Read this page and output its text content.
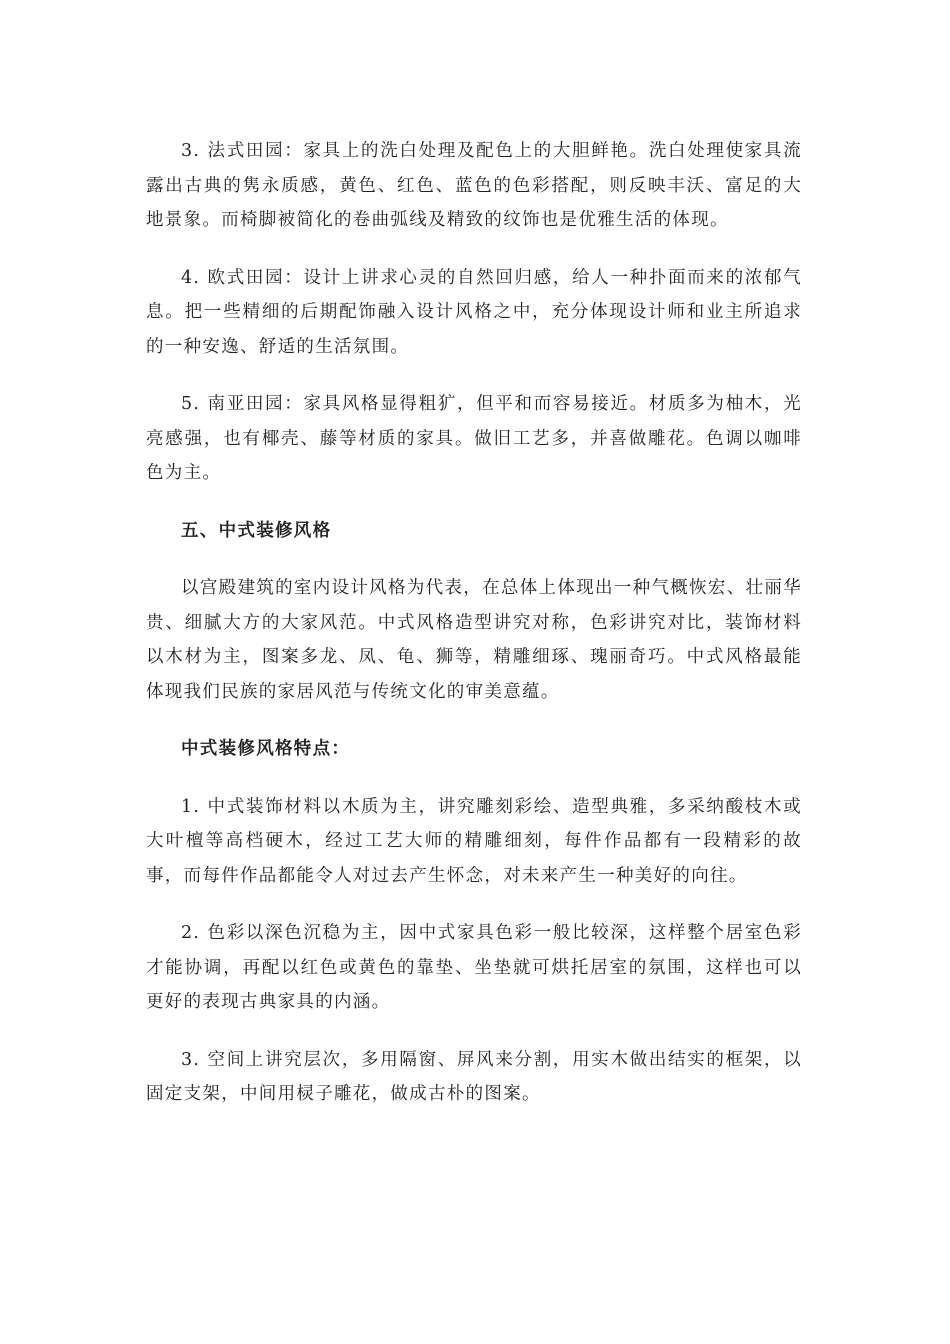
3. 法式田园：家具上的洗白处理及配色上的大胆鲜艳。洗白处理使家具流露出古典的隽永质感，黄色、红色、蓝色的色彩搭配，则反映丰沃、富足的大地景象。而椅脚被简化的卷曲弧线及精致的纹饰也是优雅生活的体现。

4. 欧式田园：设计上讲求心灵的自然回归感，给人一种扑面而来的浓郁气息。把一些精细的后期配饰融入设计风格之中，充分体现设计师和业主所追求的一种安逸、舒适的生活氛围。

5. 南亚田园：家具风格显得粗犷，但平和而容易接近。材质多为柚木，光亮感强，也有椰壳、藤等材质的家具。做旧工艺多，并喜做雕花。色调以咖啡色为主。

五、中式装修风格

以宫殿建筑的室内设计风格为代表，在总体上体现出一种气概恢宏、壮丽华贵、细腻大方的大家风范。中式风格造型讲究对称，色彩讲究对比，装饰材料以木材为主，图案多龙、凤、龟、狮等，精雕细琢、瑰丽奇巧。中式风格最能体现我们民族的家居风范与传统文化的审美意蕴。

中式装修风格特点：

1. 中式装饰材料以木质为主，讲究雕刻彩绘、造型典雅，多采纳酸枝木或大叶檀等高档硬木，经过工艺大师的精雕细刻，每件作品都有一段精彩的故事，而每件作品都能令人对过去产生怀念，对未来产生一种美好的向往。

2. 色彩以深色沉稳为主，因中式家具色彩一般比较深，这样整个居室色彩才能协调，再配以红色或黄色的靠垫、坐垫就可烘托居室的氛围，这样也可以更好的表现古典家具的内涵。

3. 空间上讲究层次，多用隔窗、屏风来分割，用实木做出结实的框架，以固定支架，中间用棂子雕花，做成古朴的图案。
